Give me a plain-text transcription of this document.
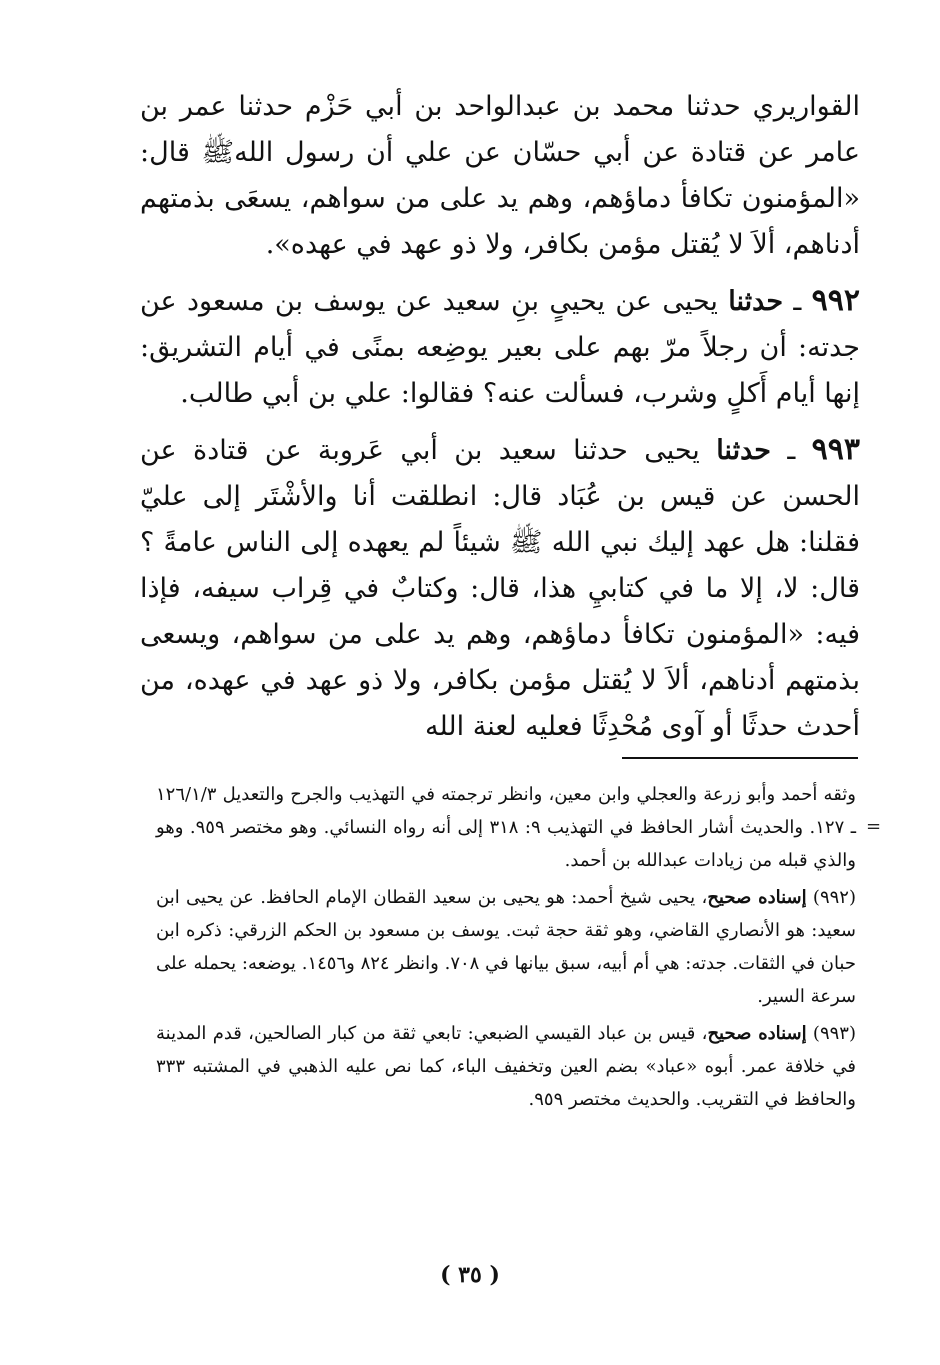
القواريري حدثنا محمد بن عبدالواحد بن أبي حَزْم حدثنا عمر بن عامر عن قتادة عن أبي حسّان عن علي أن رسول اللهﷺ قال: «المؤمنون تكافأ دماؤهم، وهم يد على من سواهم، يسعَى بذمتهم أدناهم، ألاَ لا يُقتل مؤمن بكافر، ولا ذو عهد في عهده».

٩٩٢ ـ حدثنا يحيى عن يحيىٍ بنِ سعيد عن يوسف بن مسعود عن جدته: أن رجلاً مرّ بهم على بعير يوضِعه بمنًى في أيام التشريق: إنها أيام أَكلٍ وشرب، فسألت عنه؟ فقالوا: علي بن أبي طالب.

٩٩٣ ـ حدثنا يحيى حدثنا سعيد بن أبي عَروبة عن قتادة عن الحسن عن قيس بن عُبَاد قال: انطلقت أنا والأشْتَر إلى عليّ فقلنا: هل عهد إليك نبي الله ﷺ شيئاً لم يعهده إلى الناس عامةً ؟ قال: لا، إلا ما في كتابيِ هذا، قال: وكتابٌ في قِراب سيفه، فإذا فيه: «المؤمنون تكافأ دماؤهم، وهم يد على من سواهم، ويسعى بذمتهم أدناهم، ألاَ لا يُقتل مؤمن بكافر، ولا ذو عهد في عهده، من أحدث حدثًا أو آوى مُحْدِثًا فعليه لعنة الله

=

وثقه أحمد وأبو زرعة والعجلي وابن معين، وانظر ترجمته في التهذيب والجرح والتعديل ١٢٦/١/٣ ـ ١٢٧. والحديث أشار الحافظ في التهذيب ٩: ٣١٨ إلى أنه رواه النسائي. وهو مختصر ٩٥٩. وهو والذي قبله من زيادات عبدالله بن أحمد.

(٩٩٢) إسناده صحيح، يحيى شيخ أحمد: هو يحيى بن سعيد القطان الإمام الحافظ. عن يحيى ابن سعيد: هو الأنصاري القاضي، وهو ثقة حجة ثبت. يوسف بن مسعود بن الحكم الزرقي: ذكره ابن حبان في الثقات. جدته: هي أم أبيه، سبق بيانها في ٧٠٨. وانظر ٨٢٤ و١٤٥٦. يوضعه: يحمله على سرعة السير.

(٩٩٣) إسناده صحيح، قيس بن عباد القيسي الضبعي: تابعي ثقة من كبار الصالحين، قدم المدينة في خلافة عمر. أبوه «عباد» بضم العين وتخفيف الباء، كما نص عليه الذهبي في المشتبه ٣٣٣ والحافظ في التقريب. والحديث مختصر ٩٥٩.

( ٣٥ )
